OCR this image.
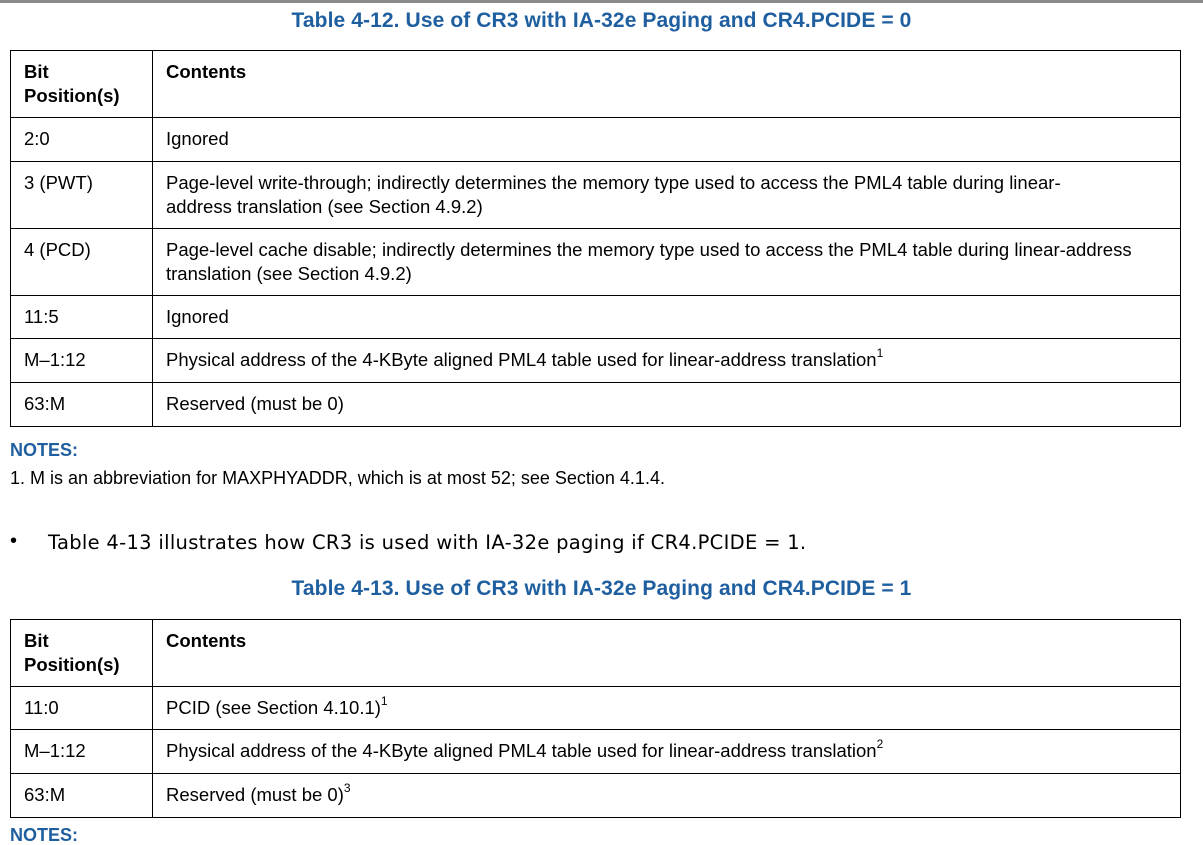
Table 4-12. Use of CR3 with IA-32e Paging and CR4.PCIDE = 0
Bit Position(s)	Contents
2:0	Ignored
3 (PWT)	Page-level write-through; indirectly determines the memory type used to access the PML4 table during linear-address translation (see Section 4.9.2)
4 (PCD)	Page-level cache disable; indirectly determines the memory type used to access the PML4 table during linear-address translation (see Section 4.9.2)
11:5	Ignored
M–1:12	Physical address of the 4-KByte aligned PML4 table used for linear-address translation$^1$
63:M	Reserved (must be 0)
NOTES:
1. M is an abbreviation for MAXPHYADDR, which is at most 52; see Section 4.1.4.
• Table 4-13 illustrates how CR3 is used with IA-32e paging if CR4.PCIDE = 1.
Table 4-13. Use of CR3 with IA-32e Paging and CR4.PCIDE = 1
Bit Position(s)	Contents
11:0	PCID (see Section 4.10.1)$^1$
M–1:12	Physical address of the 4-KByte aligned PML4 table used for linear-address translation$^2$
63:M	Reserved (must be 0)$^3$
NOTES:
